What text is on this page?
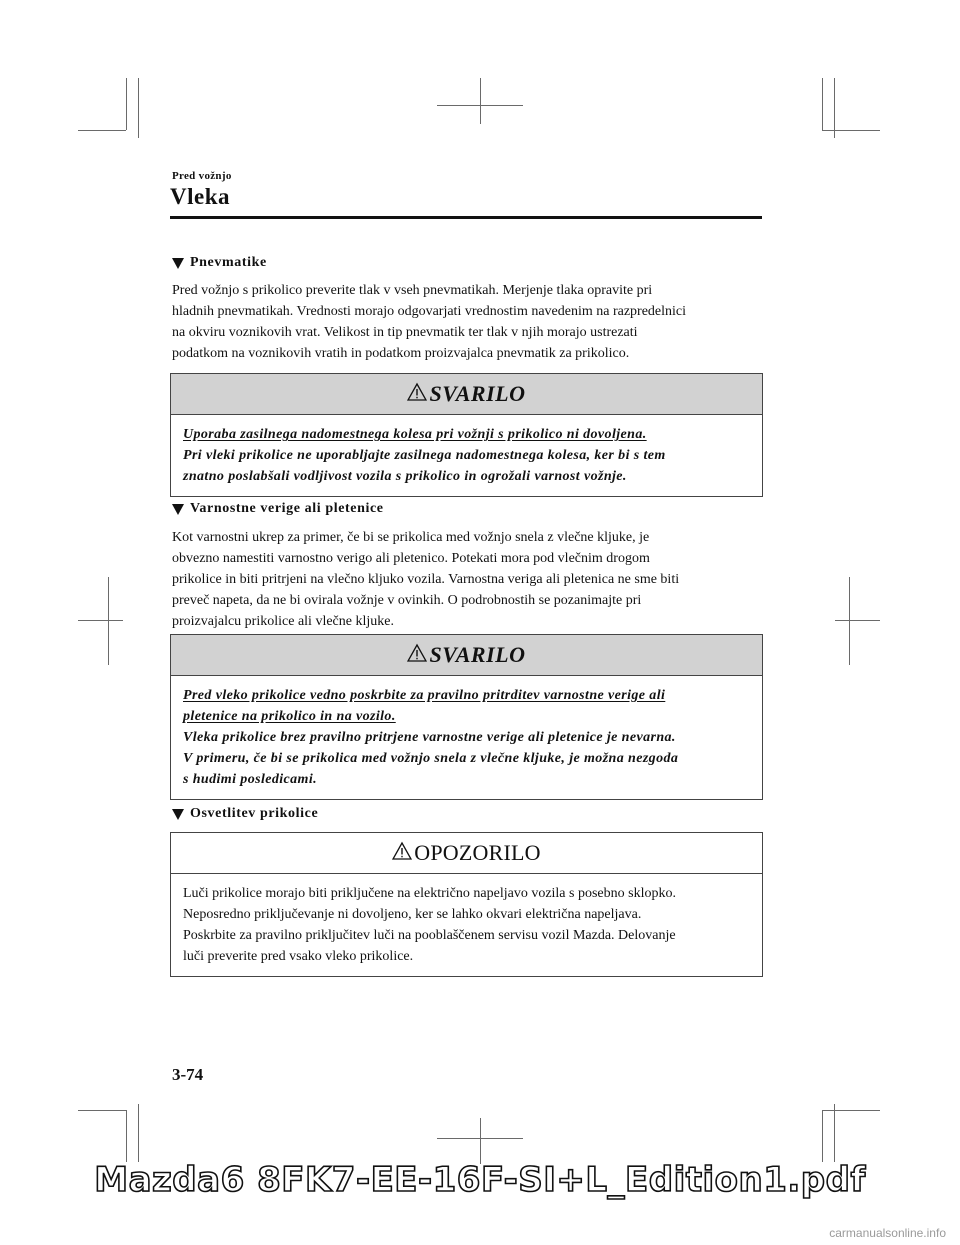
Pred vožnjo
Vleka
Pnevmatike

Pred vožnjo s prikolico preverite tlak v vseh pnevmatikah. Merjenje tlaka opravite pri

hladnih pnevmatikah. Vrednosti morajo odgovarjati vrednostim navedenim na razpredelnici

na okviru voznikovih vrat. Velikost in tip pnevmatik ter tlak v njih morajo ustrezati

podatkom na voznikovih vratih in podatkom proizvajalca pnevmatik za prikolico.

SVARILO

Uporaba zasilnega nadomestnega kolesa pri vožnji s prikolico ni dovoljena.

Pri vleki prikolice ne uporabljajte zasilnega nadomestnega kolesa, ker bi s tem

znatno poslabšali vodljivost vozila s prikolico in ogrožali varnost vožnje.

Varnostne verige ali pletenice

Kot varnostni ukrep za primer, če bi se prikolica med vožnjo snela z vlečne kljuke, je

obvezno namestiti varnostno verigo ali pletenico. Potekati mora pod vlečnim drogom

prikolice in biti pritrjeni na vlečno kljuko vozila. Varnostna veriga ali pletenica ne sme biti

preveč napeta, da ne bi ovirala vožnje v ovinkih. O podrobnostih se pozanimajte pri

proizvajalcu prikolice ali vlečne kljuke.

SVARILO

Pred vleko prikolice vedno poskrbite za pravilno pritrditev varnostne verige ali

pletenice na prikolico in na vozilo.

Vleka prikolice brez pravilno pritrjene varnostne verige ali pletenice je nevarna.

V primeru, če bi se prikolica med vožnjo snela z vlečne kljuke, je možna nezgoda

s hudimi posledicami.

Osvetlitev prikolice
OPOZORILO

Luči prikolice morajo biti priključene na električno napeljavo vozila s posebno sklopko.

Neposredno priključevanje ni dovoljeno, ker se lahko okvari električna napeljava.

Poskrbite za pravilno priključitev luči na pooblaščenem servisu vozil Mazda. Delovanje

luči preverite pred vsako vleko prikolice.

3-74
Mazda6 8FK7-EE-16F-SI+L_Edition1.pdf
carmanualsonline.info
